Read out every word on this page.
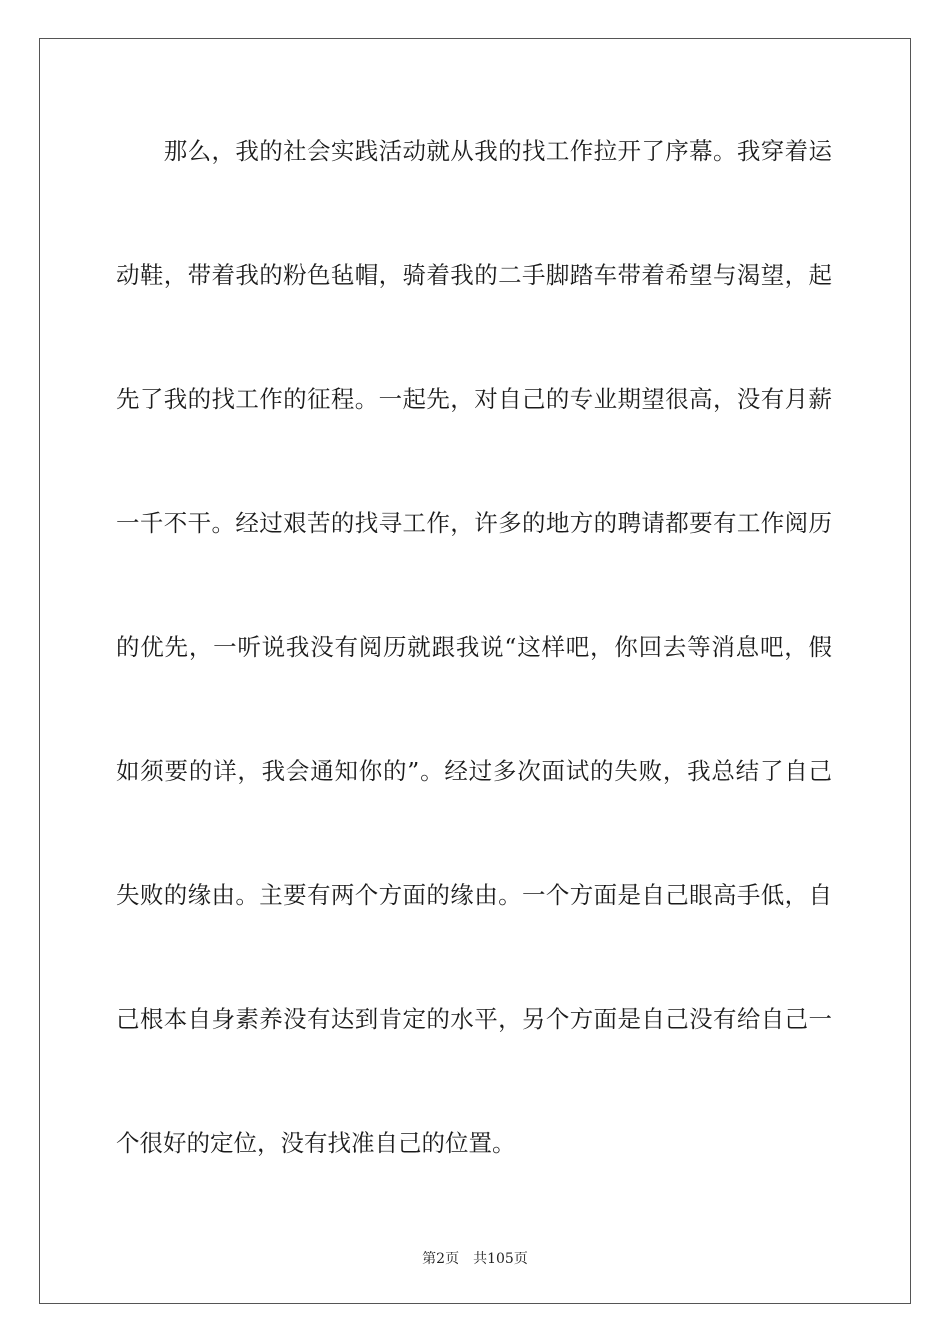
　　那么，我的社会实践活动就从我的找工作拉开了序幕。我穿着运
动鞋，带着我的粉色毡帽，骑着我的二手脚踏车带着希望与渴望，起
先了我的找工作的征程。一起先，对自己的专业期望很高，没有月薪
一千不干。经过艰苦的找寻工作，许多的地方的聘请都要有工作阅历
的优先，一听说我没有阅历就跟我说“这样吧，你回去等消息吧，假
如须要的详，我会通知你的”。经过多次面试的失败，我总结了自己
失败的缘由。主要有两个方面的缘由。一个方面是自己眼高手低，自
己根本自身素养没有达到肯定的水平，另个方面是自己没有给自己一
个很好的定位，没有找准自己的位置。
第2页 共105页
